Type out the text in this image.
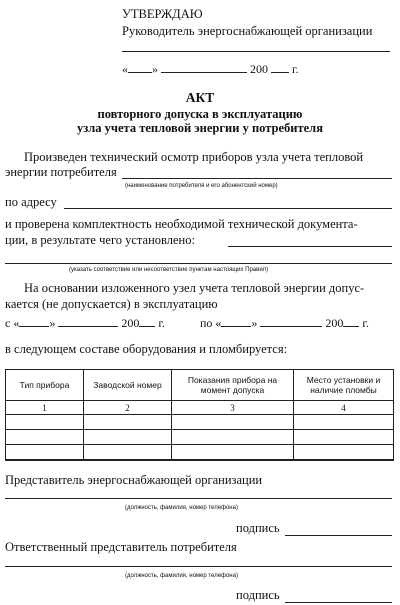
УТВЕРЖДАЮ
Руководитель энергоснабжающей организации
« »	200 г.
АКТ
повторного допуска в эксплуатацию
узла учета тепловой энергии у потребителя
Произведен технический осмотр приборов узла учета тепловой
энергии потребителя
(наименование потребителя и его абонентский номер)
по адресу
и проверена комплектность необходимой технической документа-
ции, в результате чего установлено:
(указать соответствие или несоответствие пунктам настоящих Правил)
На основании изложенного узел учета тепловой энергии допус-
кается (не допускается) в эксплуатацию
с «	»	200 г.	по «	»	200 г.
в следующем составе оборудования и пломбируется:
Тип прибора	Заводской номер	Показания прибора на момент допуска	Место установки и наличие пломбы
1	2	3	4

Представитель энергоснабжающей организации
(должность, фамилия, номер телефона)
подпись
Ответственный представитель потребителя
(должность, фамилия, номер телефона)
подпись
